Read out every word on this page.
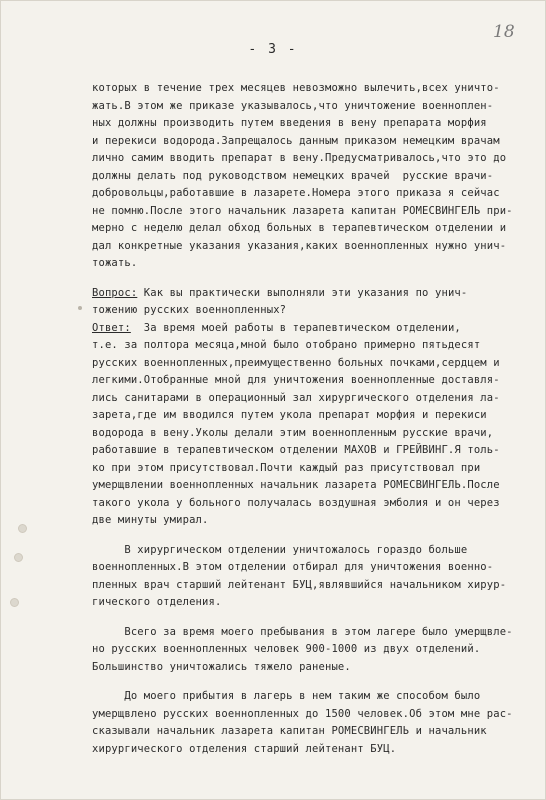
- 3 -
18
которых в течение трех месяцев невозможно вылечить,всех уничто-
жать.В этом же приказе указывалось,что уничтожение военноплен-
ных должны производить путем введения в вену препарата морфия
и перекиси водорода.Запрещалось данным приказом немецким врачам
лично самим вводить препарат в вену.Предусматривалось,что это до
должны делать под руководством немецких врачей  русские врачи-
добровольцы,работавшие в лазарете.Номера этого приказа я сейчас
не помню.После этого начальник лазарета капитан РОМЕСВИНГЕЛЬ при-
мерно с неделю делал обход больных в терапевтическом отделении и
дал конкретные указания указания,каких военнопленных нужно унич-
тожать.
Вопрос: Как вы практически выполняли эти указания по унич-
тожению русских военнопленных?
Ответ:  За время моей работы в терапевтическом отделении,
т.е. за полтора месяца,мной было отобрано примерно пятьдесят
русских военнопленных,преимущественно больных почками,сердцем и
легкими.Отобранные мной для уничтожения военнопленные доставля-
лись санитарами в операционный зал хирургического отделения ла-
зарета,где им вводился путем укола препарат морфия и перекиси
водорода в вену.Уколы делали этим военнопленным русские врачи,
работавшие в терапевтическом отделении МАХОВ и ГРЕЙВИНГ.Я толь-
ко при этом присутствовал.Почти каждый раз присутствовал при
умерщвлении военнопленных начальник лазарета РОМЕСВИНГЕЛЬ.После
такого укола у больного получалась воздушная эмболия и он через
две минуты умирал.
В хирургическом отделении уничтожалось гораздо больше
военнопленных.В этом отделении отбирал для уничтожения военно-
пленных врач старший лейтенант БУЦ,являвшийся начальником хирур-
гического отделения.
Всего за время моего пребывания в этом лагере было умерщвле-
но русских военнопленных человек 900-1000 из двух отделений.
Большинство уничтожались тяжело раненые.
До моего прибытия в лагерь в нем таким же способом было
умерщвлено русских военнопленных до 1500 человек.Об этом мне рас-
сказывали начальник лазарета капитан РОМЕСВИНГЕЛЬ и начальник
хирургического отделения старший лейтенант БУЦ.
